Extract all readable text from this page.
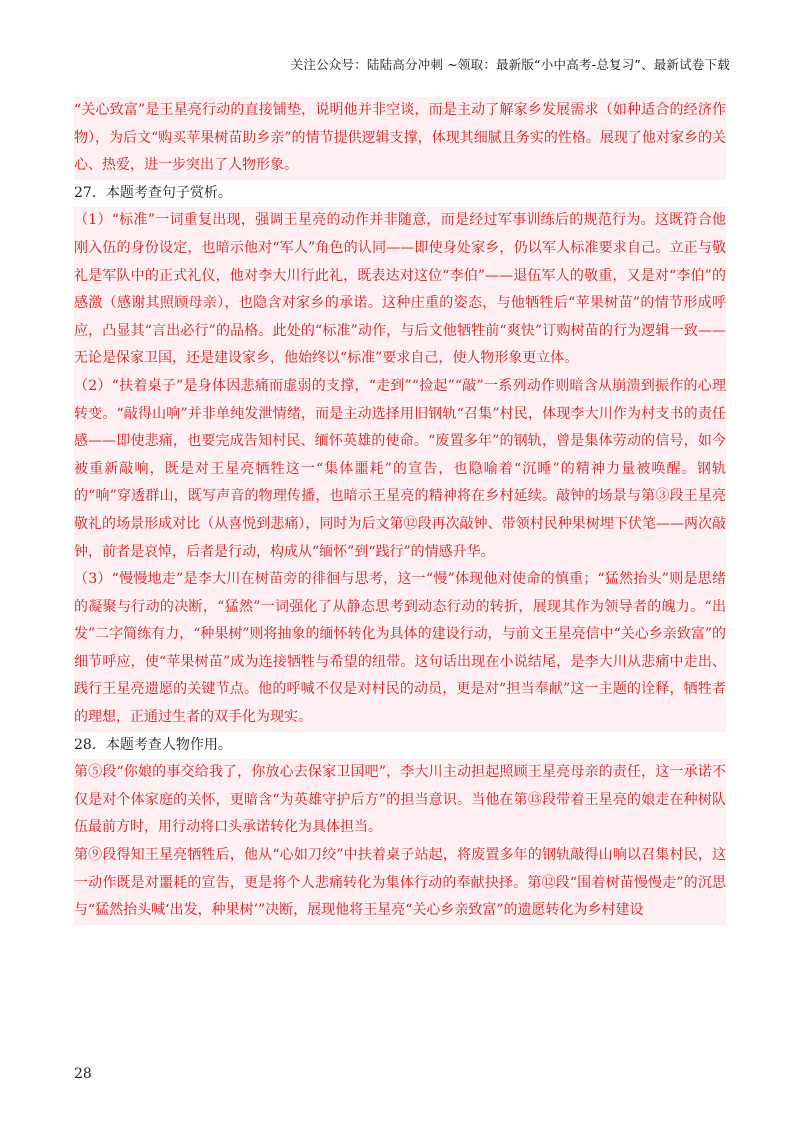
关注公众号：陆陆高分冲刺 ~领取：最新版“小中高考-总复习”、最新试卷下载

“关心致富”是王星亮行动的直接铺垫，说明他并非空谈，而是主动了解家乡发展需求（如种适合的经济作物），为后文“购买苹果树苗助乡亲”的情节提供逻辑支撑，体现其细腻且务实的性格。展现了他对家乡的关心、热爱，进一步突出了人物形象。

27．本题考查句子赏析。

（1）“标准”一词重复出现，强调王星亮的动作并非随意，而是经过军事训练后的规范行为。这既符合他刚入伍的身份设定，也暗示他对“军人”角色的认同——即使身处家乡，仍以军人标准要求自己。立正与敬礼是军队中的正式礼仪，他对李大川行此礼，既表达对这位“李伯”——退伍军人的敬重，又是对“李伯”的感激（感谢其照顾母亲），也隐含对家乡的承诺。这种庄重的姿态，与他牺牲后“苹果树苗”的情节形成呼应，凸显其“言出必行”的品格。此处的“标准”动作，与后文他牺牲前“爽快”订购树苗的行为逻辑一致——无论是保家卫国，还是建设家乡，他始终以“标准”要求自己，使人物形象更立体。

（2）“扶着桌子”是身体因悲痛而虚弱的支撑，“走到”“捡起”“敲”一系列动作则暗含从崩溃到振作的心理转变。“敲得山响”并非单纯发泄情绪，而是主动选择用旧钢轨“召集”村民，体现李大川作为村支书的责任感——即使悲痛，也要完成告知村民、缅怀英雄的使命。“废置多年”的钢轨，曾是集体劳动的信号，如今被重新敲响，既是对王星亮牺牲这一“集体噩耗”的宣告，也隐喻着“沉睡”的精神力量被唤醒。钢轨的“响”穿透群山，既写声音的物理传播，也暗示王星亮的精神将在乡村延续。敲钟的场景与第③段王星亮敬礼的场景形成对比（从喜悦到悲痛），同时为后文第⑫段再次敲钟、带领村民种果树埋下伏笔——两次敲钟，前者是哀悼，后者是行动，构成从“缅怀”到“践行”的情感升华。

（3）“慢慢地走”是李大川在树苗旁的徘徊与思考，这一“慢”体现他对使命的慎重；“猛然抬头”则是思绪的凝聚与行动的决断，“猛然”一词强化了从静态思考到动态行动的转折，展现其作为领导者的魄力。“出发”二字简练有力，“种果树”则将抽象的缅怀转化为具体的建设行动，与前文王星亮信中“关心乡亲致富”的细节呼应，使“苹果树苗”成为连接牺牲与希望的纽带。这句话出现在小说结尾，是李大川从悲痛中走出、践行王星亮遗愿的关键节点。他的呼喊不仅是对村民的动员，更是对“担当奉献”这一主题的诠释，牺牲者的理想，正通过生者的双手化为现实。

28．本题考查人物作用。

第⑤段“你娘的事交给我了，你放心去保家卫国吧”，李大川主动担起照顾王星亮母亲的责任，这一承诺不仅是对个体家庭的关怀，更暗含“为英雄守护后方”的担当意识。当他在第⑬段带着王星亮的娘走在种树队伍最前方时，用行动将口头承诺转化为具体担当。

第⑨段得知王星亮牺牲后，他从“心如刀绞”中扶着桌子站起，将废置多年的钢轨敲得山响以召集村民，这一动作既是对噩耗的宣告，更是将个人悲痛转化为集体行动的奉献抉择。第⑫段“围着树苗慢慢走”的沉思与“猛然抬头喊‘出发，种果树’”决断，展现他将王星亮“关心乡亲致富”的遗愿转化为乡村建设

28
